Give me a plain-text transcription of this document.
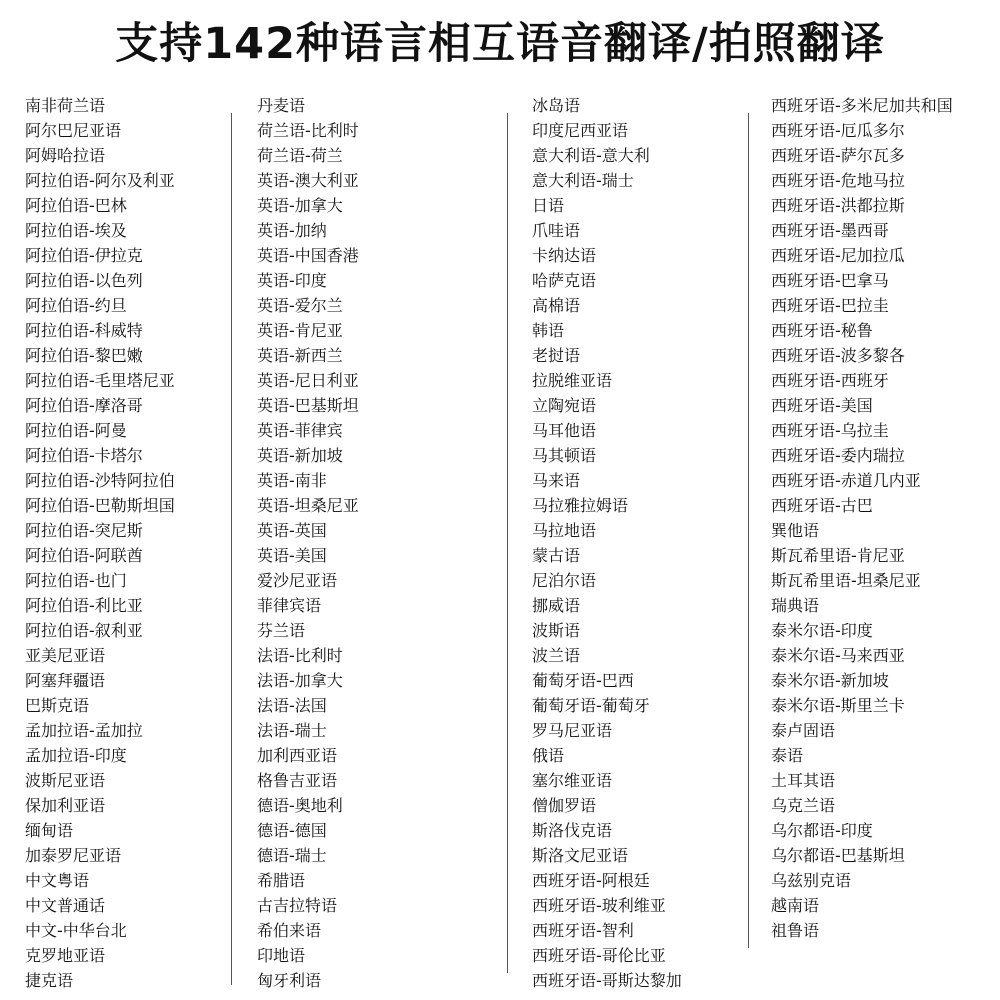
支持142种语言相互语音翻译/拍照翻译
南非荷兰语
阿尔巴尼亚语
阿姆哈拉语
阿拉伯语-阿尔及利亚
阿拉伯语-巴林
阿拉伯语-埃及
阿拉伯语-伊拉克
阿拉伯语-以色列
阿拉伯语-约旦
阿拉伯语-科威特
阿拉伯语-黎巴嫩
阿拉伯语-毛里塔尼亚
阿拉伯语-摩洛哥
阿拉伯语-阿曼
阿拉伯语-卡塔尔
阿拉伯语-沙特阿拉伯
阿拉伯语-巴勒斯坦国
阿拉伯语-突尼斯
阿拉伯语-阿联酋
阿拉伯语-也门
阿拉伯语-利比亚
阿拉伯语-叙利亚
亚美尼亚语
阿塞拜疆语
巴斯克语
孟加拉语-孟加拉
孟加拉语-印度
波斯尼亚语
保加利亚语
缅甸语
加泰罗尼亚语
中文粤语
中文普通话
中文-中华台北
克罗地亚语
捷克语
丹麦语
荷兰语-比利时
荷兰语-荷兰
英语-澳大利亚
英语-加拿大
英语-加纳
英语-中国香港
英语-印度
英语-爱尔兰
英语-肯尼亚
英语-新西兰
英语-尼日利亚
英语-巴基斯坦
英语-菲律宾
英语-新加坡
英语-南非
英语-坦桑尼亚
英语-英国
英语-美国
爱沙尼亚语
菲律宾语
芬兰语
法语-比利时
法语-加拿大
法语-法国
法语-瑞士
加利西亚语
格鲁吉亚语
德语-奥地利
德语-德国
德语-瑞士
希腊语
古吉拉特语
希伯来语
印地语
匈牙利语
冰岛语
印度尼西亚语
意大利语-意大利
意大利语-瑞士
日语
爪哇语
卡纳达语
哈萨克语
高棉语
韩语
老挝语
拉脱维亚语
立陶宛语
马耳他语
马其顿语
马来语
马拉雅拉姆语
马拉地语
蒙古语
尼泊尔语
挪威语
波斯语
波兰语
葡萄牙语-巴西
葡萄牙语-葡萄牙
罗马尼亚语
俄语
塞尔维亚语
僧伽罗语
斯洛伐克语
斯洛文尼亚语
西班牙语-阿根廷
西班牙语-玻利维亚
西班牙语-智利
西班牙语-哥伦比亚
西班牙语-哥斯达黎加
西班牙语-多米尼加共和国
西班牙语-厄瓜多尔
西班牙语-萨尔瓦多
西班牙语-危地马拉
西班牙语-洪都拉斯
西班牙语-墨西哥
西班牙语-尼加拉瓜
西班牙语-巴拿马
西班牙语-巴拉圭
西班牙语-秘鲁
西班牙语-波多黎各
西班牙语-西班牙
西班牙语-美国
西班牙语-乌拉圭
西班牙语-委内瑞拉
西班牙语-赤道几内亚
西班牙语-古巴
巽他语
斯瓦希里语-肯尼亚
斯瓦希里语-坦桑尼亚
瑞典语
泰米尔语-印度
泰米尔语-马来西亚
泰米尔语-新加坡
泰米尔语-斯里兰卡
泰卢固语
泰语
土耳其语
乌克兰语
乌尔都语-印度
乌尔都语-巴基斯坦
乌兹别克语
越南语
祖鲁语
